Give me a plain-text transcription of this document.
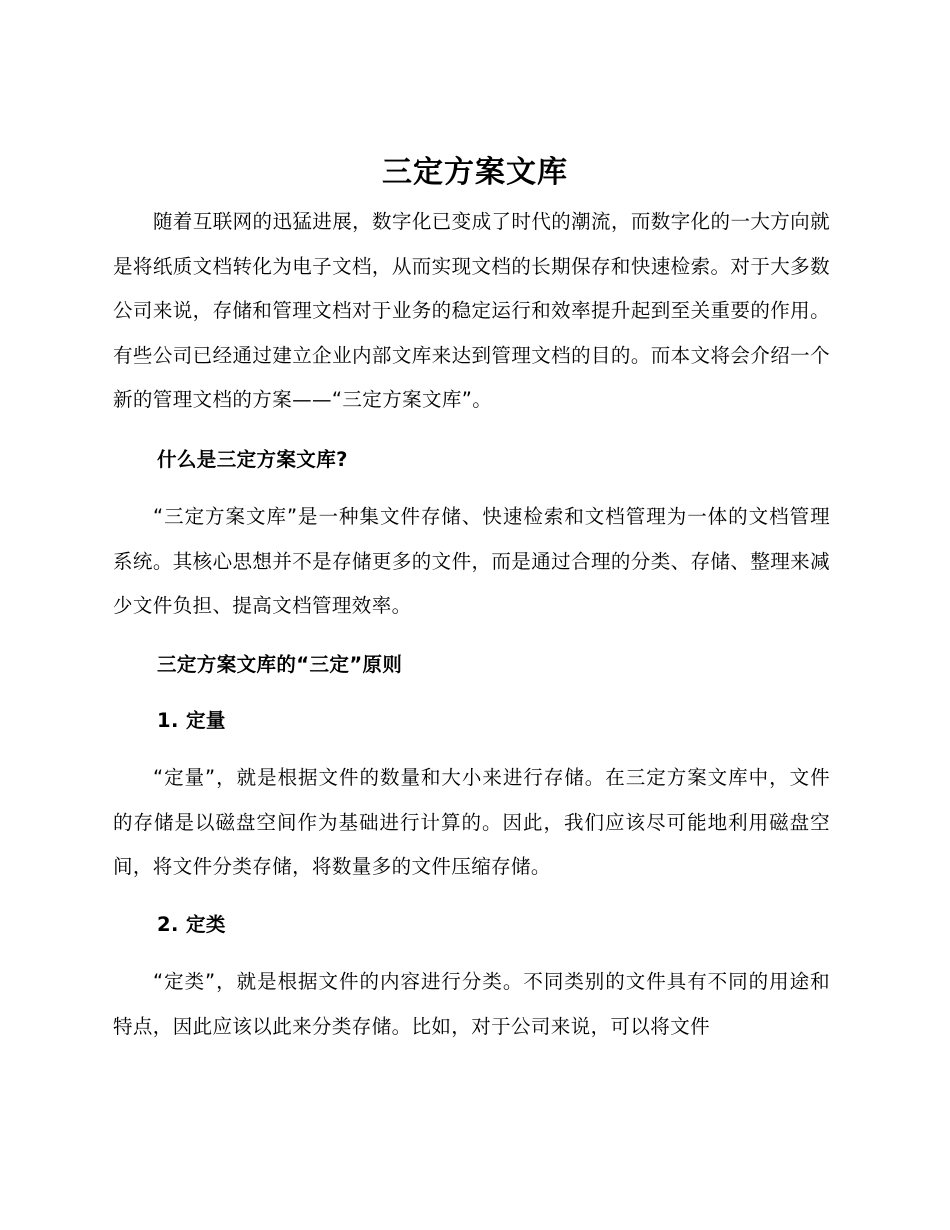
三定方案文库

随着互联网的迅猛进展，数字化已变成了时代的潮流，而数字化的一大方向就是将纸质文档转化为电子文档，从而实现文档的长期保存和快速检索。对于大多数公司来说，存储和管理文档对于业务的稳定运行和效率提升起到至关重要的作用。有些公司已经通过建立企业内部文库来达到管理文档的目的。而本文将会介绍一个新的管理文档的方案——“三定方案文库”。

什么是三定方案文库?

“三定方案文库”是一种集文件存储、快速检索和文档管理为一体的文档管理系统。其核心思想并不是存储更多的文件，而是通过合理的分类、存储、整理来减少文件负担、提高文档管理效率。

三定方案文库的“三定”原则
1. 定量

“定量”，就是根据文件的数量和大小来进行存储。在三定方案文库中，文件的存储是以磁盘空间作为基础进行计算的。因此，我们应该尽可能地利用磁盘空间，将文件分类存储，将数量多的文件压缩存储。

2. 定类

“定类”，就是根据文件的内容进行分类。不同类别的文件具有不同的用途和特点，因此应该以此来分类存储。比如，对于公司来说，可以将文件
